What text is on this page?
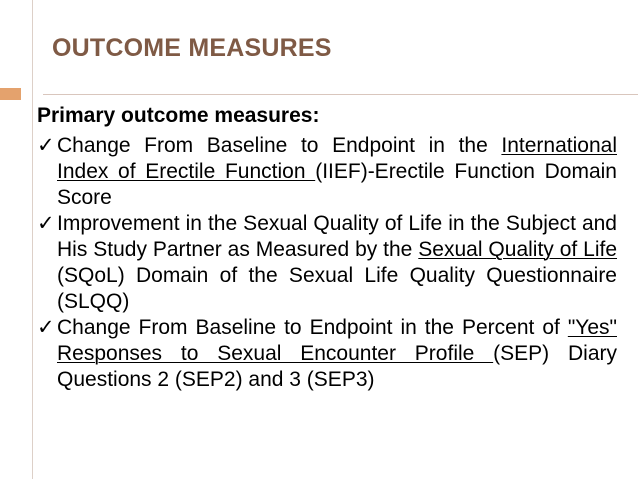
OUTCOME MEASURES
Primary outcome measures:
✓ Change From Baseline to Endpoint in the International Index of Erectile Function (IIEF)-Erectile Function Domain Score
✓ Improvement in the Sexual Quality of Life in the Subject and His Study Partner as Measured by the Sexual Quality of Life (SQoL) Domain of the Sexual Life Quality Questionnaire (SLQQ)
✓ Change From Baseline to Endpoint in the Percent of "Yes" Responses to Sexual Encounter Profile (SEP) Diary Questions 2 (SEP2) and 3 (SEP3)
